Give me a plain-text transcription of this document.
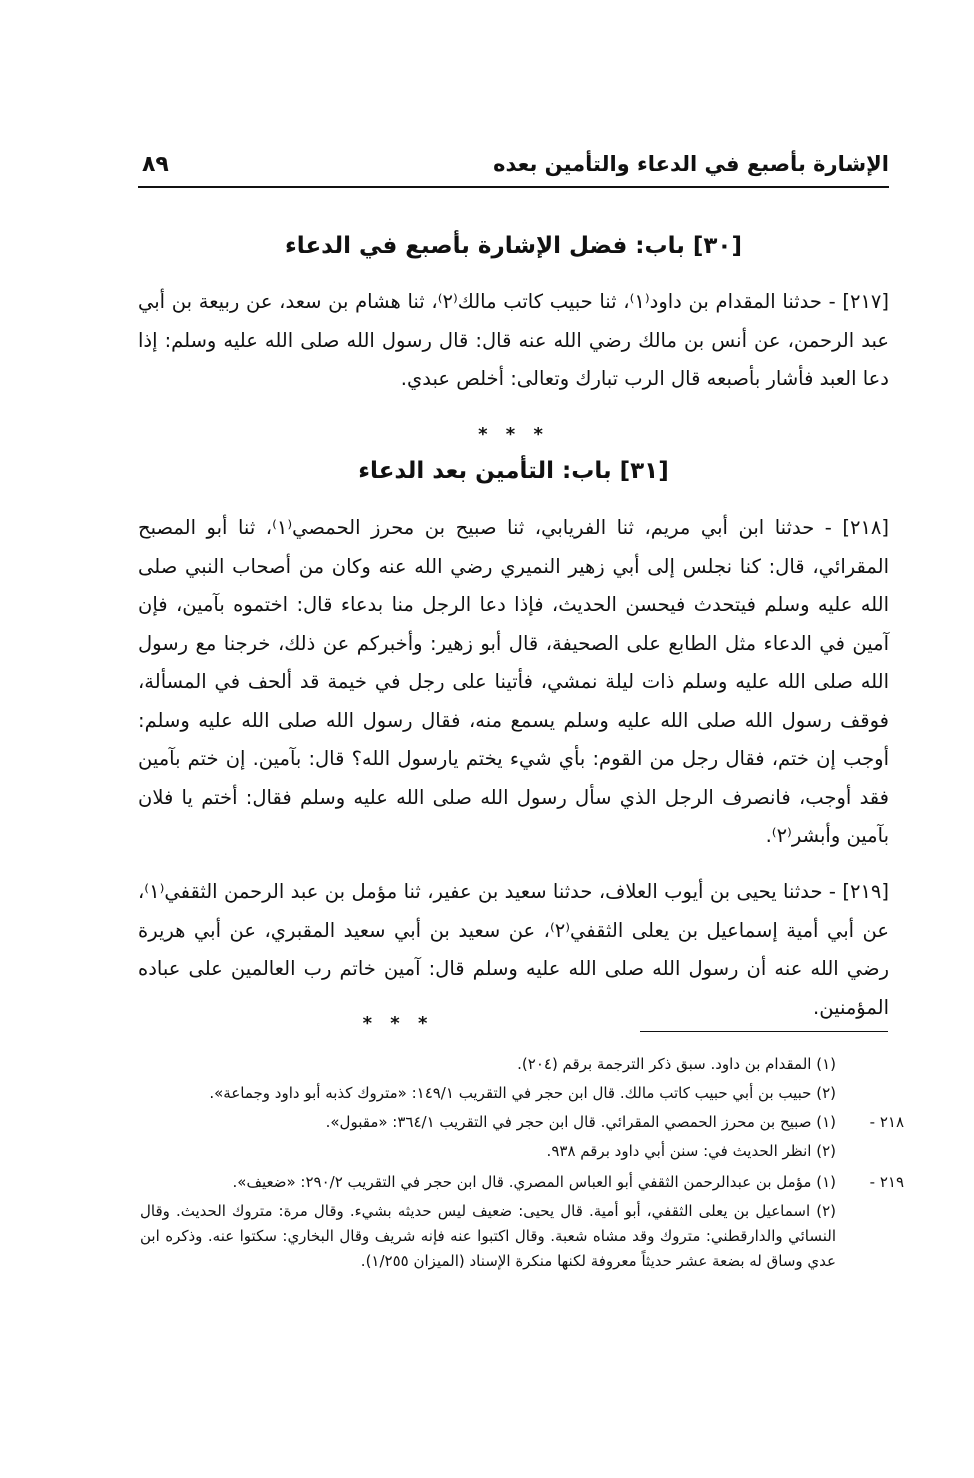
الإشارة بأصبع في الدعاء والتأمين بعده
٨٩
[٣٠] باب: فضل الإشارة بأصبع في الدعاء
[٢١٧] - حدثنا المقدام بن داود⁽١⁾، ثنا حبيب كاتب مالك⁽٢⁾، ثنا هشام بن سعد، عن ربيعة بن أبي عبد الرحمن، عن أنس بن مالك رضي الله عنه قال: قال رسول الله صلى الله عليه وسلم: إذا دعا العبد فأشار بأصبعه قال الرب تبارك وتعالى: أخلص عبدي.
* * *
[٣١] باب: التأمين بعد الدعاء
[٢١٨] - حدثنا ابن أبي مريم، ثنا الفريابي، ثنا صبيح بن محرز الحمصي⁽١⁾، ثنا أبو المصبح المقرائي، قال: كنا نجلس إلى أبي زهير النميري رضي الله عنه وكان من أصحاب النبي صلى الله عليه وسلم فيتحدث فيحسن الحديث، فإذا دعا الرجل منا بدعاء قال: اختموه بآمين، فإن آمين في الدعاء مثل الطابع على الصحيفة، قال أبو زهير: وأخبركم عن ذلك، خرجنا مع رسول الله صلى الله عليه وسلم ذات ليلة نمشي، فأتينا على رجل في خيمة قد ألحف في المسألة، فوقف رسول الله صلى الله عليه وسلم يسمع منه، فقال رسول الله صلى الله عليه وسلم: أوجب إن ختم، فقال رجل من القوم: بأي شيء يختم يارسول الله؟ قال: بآمين. إن ختم بآمين فقد أوجب، فانصرف الرجل الذي سأل رسول الله صلى الله عليه وسلم فقال: أختم يا فلان بآمين وأبشر⁽٢⁾.
[٢١٩] - حدثنا يحيى بن أيوب العلاف، حدثنا سعيد بن عفير، ثنا مؤمل بن عبد الرحمن الثقفي⁽١⁾، عن أبي أمية إسماعيل بن يعلى الثقفي⁽٢⁾، عن سعيد بن أبي سعيد المقبري، عن أبي هريرة رضي الله عنه أن رسول الله صلى الله عليه وسلم قال: آمين خاتم رب العالمين على عباده المؤمنين.
* * *
(١) المقدام بن داود. سبق ذكر الترجمة برقم (٢٠٤).
(٢) حبيب بن أبي حبيب كاتب مالك. قال ابن حجر في التقريب ١٤٩/١: «متروك كذبه أبو داود وجماعة».
٢١٨ -
(١) صبيح بن محرز الحمصي المقرائي. قال ابن حجر في التقريب ٣٦٤/١: «مقبول».
(٢) انظر الحديث في: سنن أبي داود برقم ٩٣٨.
٢١٩ -
(١) مؤمل بن عبدالرحمن الثقفي أبو العباس المصري. قال ابن حجر في التقريب ٢٩٠/٢: «ضعيف».
(٢) اسماعيل بن يعلى الثقفي، أبو أمية. قال يحيى: ضعيف ليس حديثه بشيء. وقال مرة: متروك الحديث. وقال النسائي والدارقطني: متروك وقد مشاه شعبة. وقال اكتبوا عنه فإنه شريف وقال البخاري: سكتوا عنه. وذكره ابن عدي وساق له بضعة عشر حديثاً معروفة لكنها منكرة الإسناد (الميزان ١/٢٥٥).
